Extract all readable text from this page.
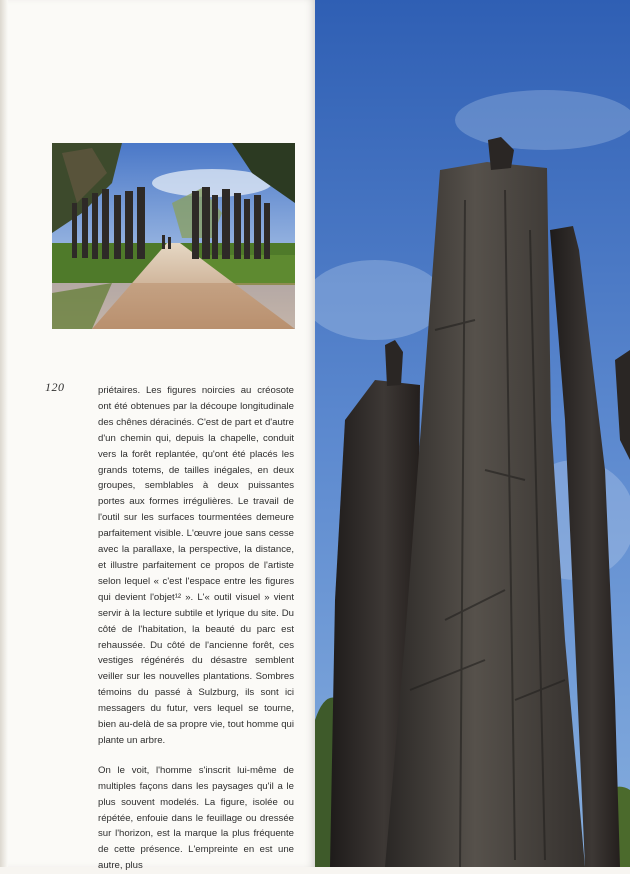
120	priétaires. Les figures noircies au créosote ont été obtenues par la découpe longitudinale des chênes déracinés. C'est de part et d'autre d'un chemin qui, depuis la chapelle, conduit vers la forêt replantée, qu'ont été placés les grands totems, de tailles inégales, en deux groupes, semblables à deux puissantes portes aux formes irrégulières. Le travail de l'outil sur les surfaces tourmentées demeure parfaitement visible. L'œuvre joue sans cesse avec la parallaxe, la perspective, la distance, et illustre parfaitement ce propos de l'artiste selon lequel « c'est l'espace entre les figures qui devient l'objet¹² ». L'« outil visuel » vient servir à la lecture subtile et lyrique du site. Du côté de l'habitation, la beauté du parc est rehaussée. Du côté de l'ancienne forêt, ces vestiges régénérés du désastre semblent veiller sur les nouvelles plantations. Sombres témoins du passé à Sulzburg, ils sont ici messagers du futur, vers lequel se tourne, bien au-delà de sa propre vie, tout homme qui plante un arbre.

On le voit, l'homme s'inscrit lui-même de multiples façons dans les paysages qu'il a le plus souvent modelés. La figure, isolée ou répétée, enfouie dans le feuillage ou dressée sur l'horizon, est la marque la plus fréquente de cette présence. L'empreinte en est une autre, plus
